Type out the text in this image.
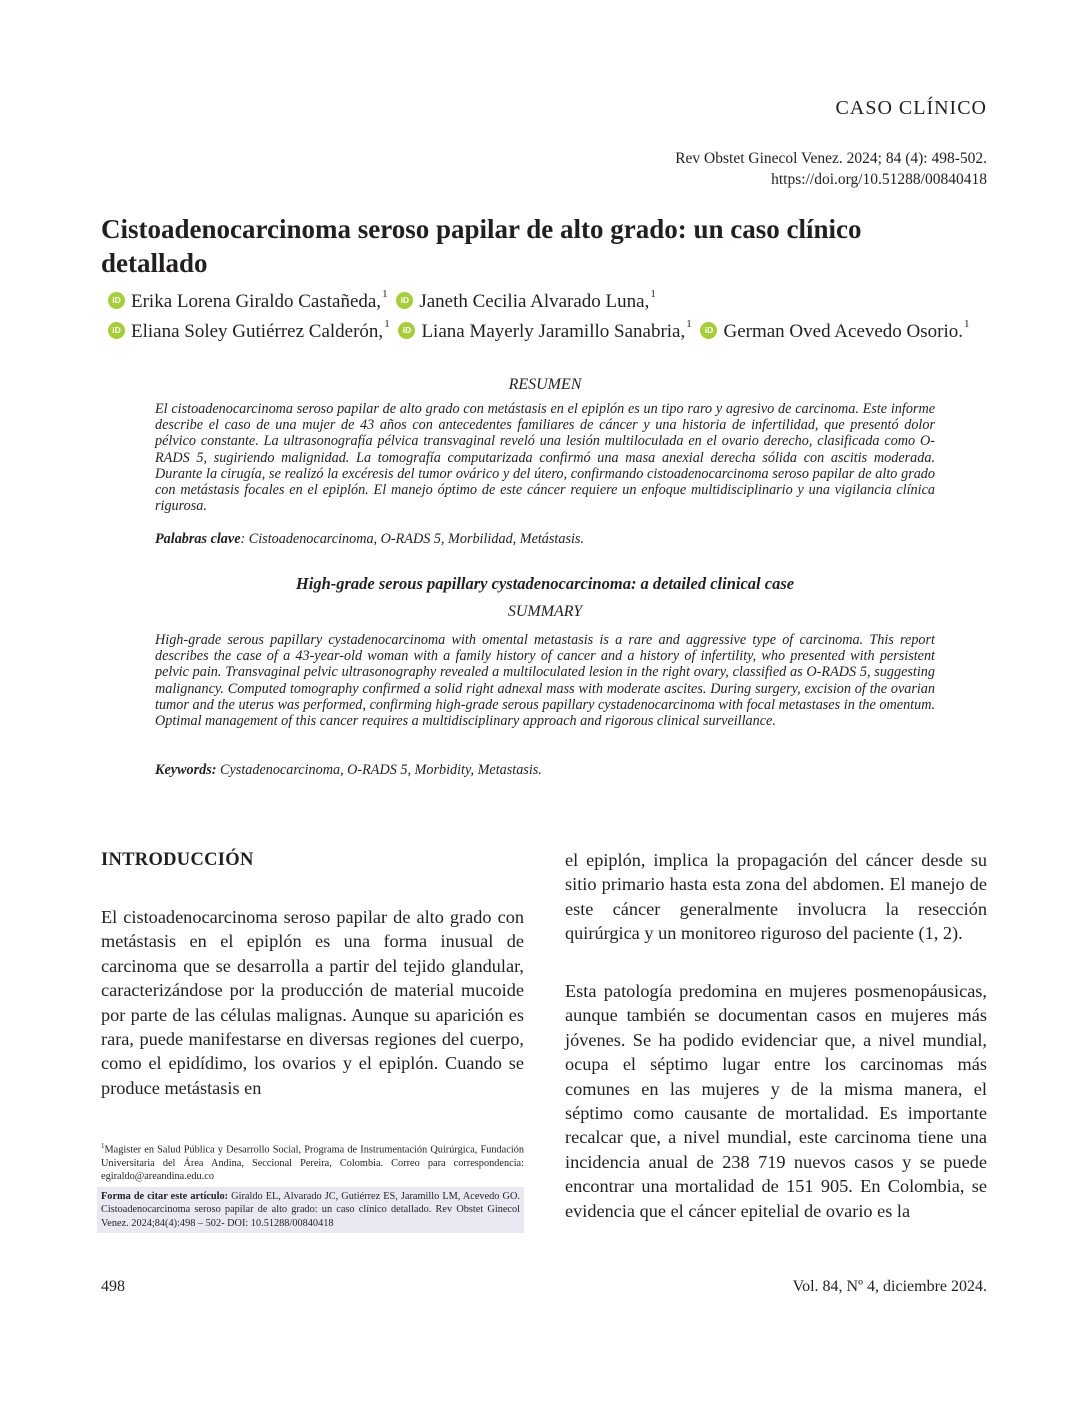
CASO CLÍNICO
Rev Obstet Ginecol Venez. 2024; 84 (4): 498-502.
https://doi.org/10.51288/00840418
Cistoadenocarcinoma seroso papilar de alto grado: un caso clínico detallado
iD Erika Lorena Giraldo Castañeda, 1
	iD Janeth Cecilia Alvarado Luna, 1
iD Eliana Soley Gutiérrez Calderón, 1
	iD Liana Mayerly Jaramillo Sanabria, 1
	iD German Oved Acevedo Osorio. 1
RESUMEN
El cistoadenocarcinoma seroso papilar de alto grado con metástasis en el epiplón es un tipo raro y agresivo de carcinoma. Este informe describe el caso de una mujer de 43 años con antecedentes familiares de cáncer y una historia de infertilidad, que presentó dolor pélvico constante. La ultrasonografía pélvica transvaginal reveló una lesión multiloculada en el ovario derecho, clasificada como O-RADS 5, sugiriendo malignidad. La tomografía computarizada confirmó una masa anexial derecha sólida con ascitis moderada. Durante la cirugía, se realizó la excéresis del tumor ovárico y del útero, confirmando cistoadenocarcinoma seroso papilar de alto grado con metástasis focales en el epiplón. El manejo óptimo de este cáncer requiere un enfoque multidisciplinario y una vigilancia clínica rigurosa.
Palabras clave: Cistoadenocarcinoma, O-RADS 5, Morbilidad, Metástasis.
High-grade serous papillary cystadenocarcinoma: a detailed clinical case
SUMMARY
High-grade serous papillary cystadenocarcinoma with omental metastasis is a rare and aggressive type of carcinoma. This report describes the case of a 43-year-old woman with a family history of cancer and a history of infertility, who presented with persistent pelvic pain. Transvaginal pelvic ultrasonography revealed a multiloculated lesion in the right ovary, classified as O-RADS 5, suggesting malignancy. Computed tomography confirmed a solid right adnexal mass with moderate ascites. During surgery, excision of the ovarian tumor and the uterus was performed, confirming high-grade serous papillary cystadenocarcinoma with focal metastases in the omentum. Optimal management of this cancer requires a multidisciplinary approach and rigorous clinical surveillance.
Keywords: Cystadenocarcinoma, O-RADS 5, Morbidity, Metastasis.
INTRODUCCIÓN
El cistoadenocarcinoma seroso papilar de alto grado con metástasis en el epiplón es una forma inusual de carcinoma que se desarrolla a partir del tejido glandular, caracterizándose por la producción de material mucoide por parte de las células malignas. Aunque su aparición es rara, puede manifestarse en diversas regiones del cuerpo, como el epidídimo, los ovarios y el epiplón. Cuando se produce metástasis en
el epiplón, implica la propagación del cáncer desde su sitio primario hasta esta zona del abdomen. El manejo de este cáncer generalmente involucra la resección quirúrgica y un monitoreo riguroso del paciente (1, 2).
Esta patología predomina en mujeres posmenopáusicas, aunque también se documentan casos en mujeres más jóvenes. Se ha podido evidenciar que, a nivel mundial, ocupa el séptimo lugar entre los carcinomas más comunes en las mujeres y de la misma manera, el séptimo como causante de mortalidad. Es importante recalcar que, a nivel mundial, este carcinoma tiene una incidencia anual de 238 719 nuevos casos y se puede encontrar una mortalidad de 151 905. En Colombia, se evidencia que el cáncer epitelial de ovario es la
$^1$Magister en Salud Pública y Desarrollo Social, Programa de Instrumentación Quirúrgica, Fundación Universitaria del Área Andina, Seccional Pereira, Colombia. Correo para correspondencia: egiraldo@areandina.edu.co
Forma de citar este artículo: Giraldo EL, Alvarado JC, Gutiérrez ES, Jaramillo LM, Acevedo GO. Cistoadenocarcinoma seroso papilar de alto grado: un caso clínico detallado. Rev Obstet Ginecol Venez. 2024;84(4):498 – 502- DOI: 10.51288/00840418
498	Vol. 84, Nº 4, diciembre 2024.
